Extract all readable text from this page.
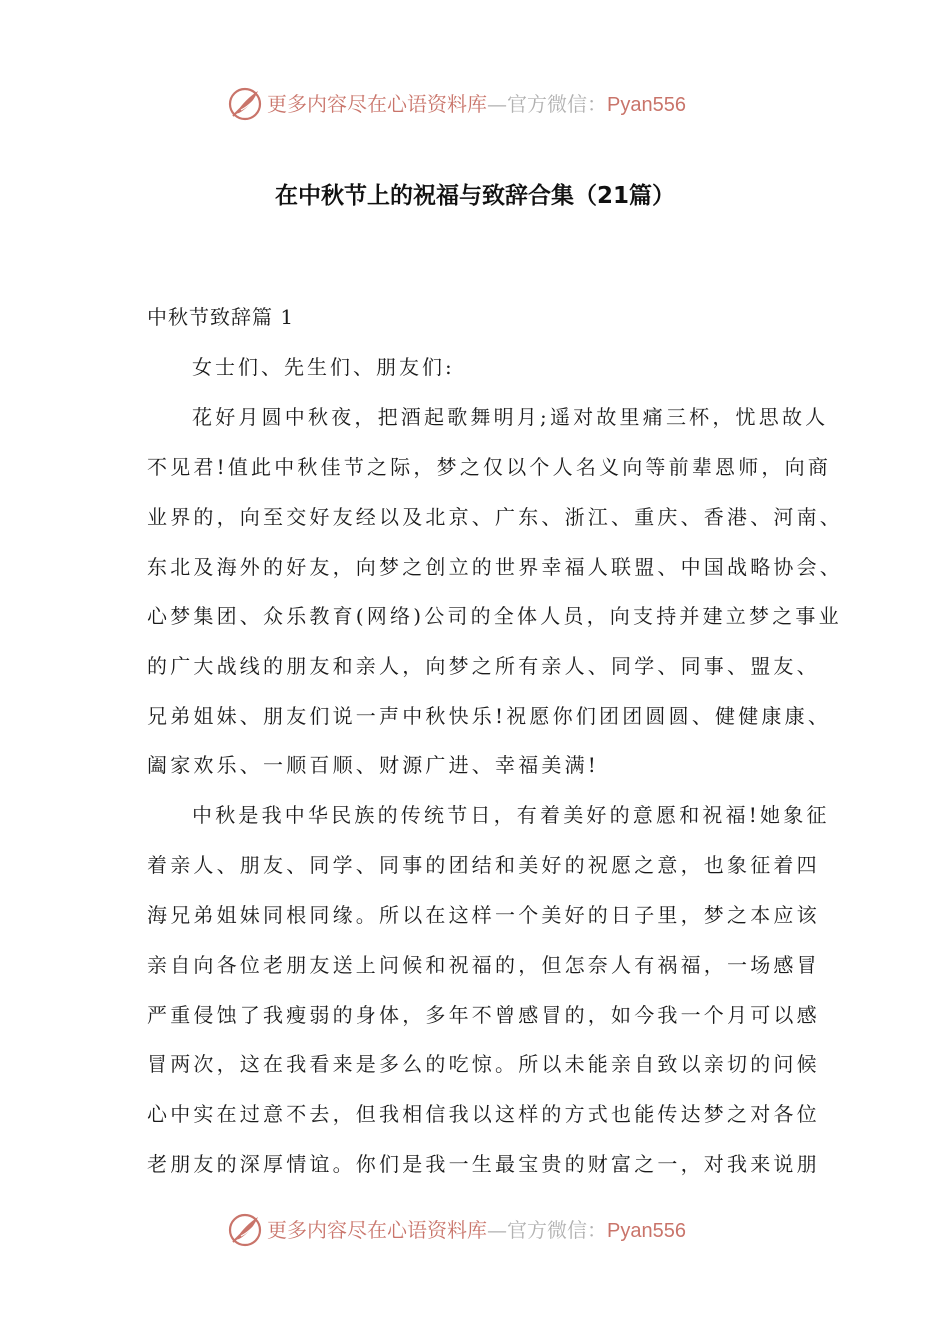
更多内容尽在心语资料库—官方微信：Pyan556
在中秋节上的祝福与致辞合集（21篇）
中秋节致辞篇 1
女士们、先生们、朋友们:
花好月圆中秋夜，把酒起歌舞明月;遥对故里痛三杯，忧思故人
不见君!值此中秋佳节之际，梦之仅以个人名义向等前辈恩师，向商
业界的，向至交好友经以及北京、广东、浙江、重庆、香港、河南、
东北及海外的好友，向梦之创立的世界幸福人联盟、中国战略协会、
心梦集团、众乐教育(网络)公司的全体人员，向支持并建立梦之事业
的广大战线的朋友和亲人，向梦之所有亲人、同学、同事、盟友、
兄弟姐妹、朋友们说一声中秋快乐!祝愿你们团团圆圆、健健康康、
阖家欢乐、一顺百顺、财源广进、幸福美满!
中秋是我中华民族的传统节日，有着美好的意愿和祝福!她象征
着亲人、朋友、同学、同事的团结和美好的祝愿之意，也象征着四
海兄弟姐妹同根同缘。所以在这样一个美好的日子里，梦之本应该
亲自向各位老朋友送上问候和祝福的，但怎奈人有祸福，一场感冒
严重侵蚀了我瘦弱的身体，多年不曾感冒的，如今我一个月可以感
冒两次，这在我看来是多么的吃惊。所以未能亲自致以亲切的问候
心中实在过意不去，但我相信我以这样的方式也能传达梦之对各位
老朋友的深厚情谊。你们是我一生最宝贵的财富之一，对我来说朋
更多内容尽在心语资料库—官方微信：Pyan556
